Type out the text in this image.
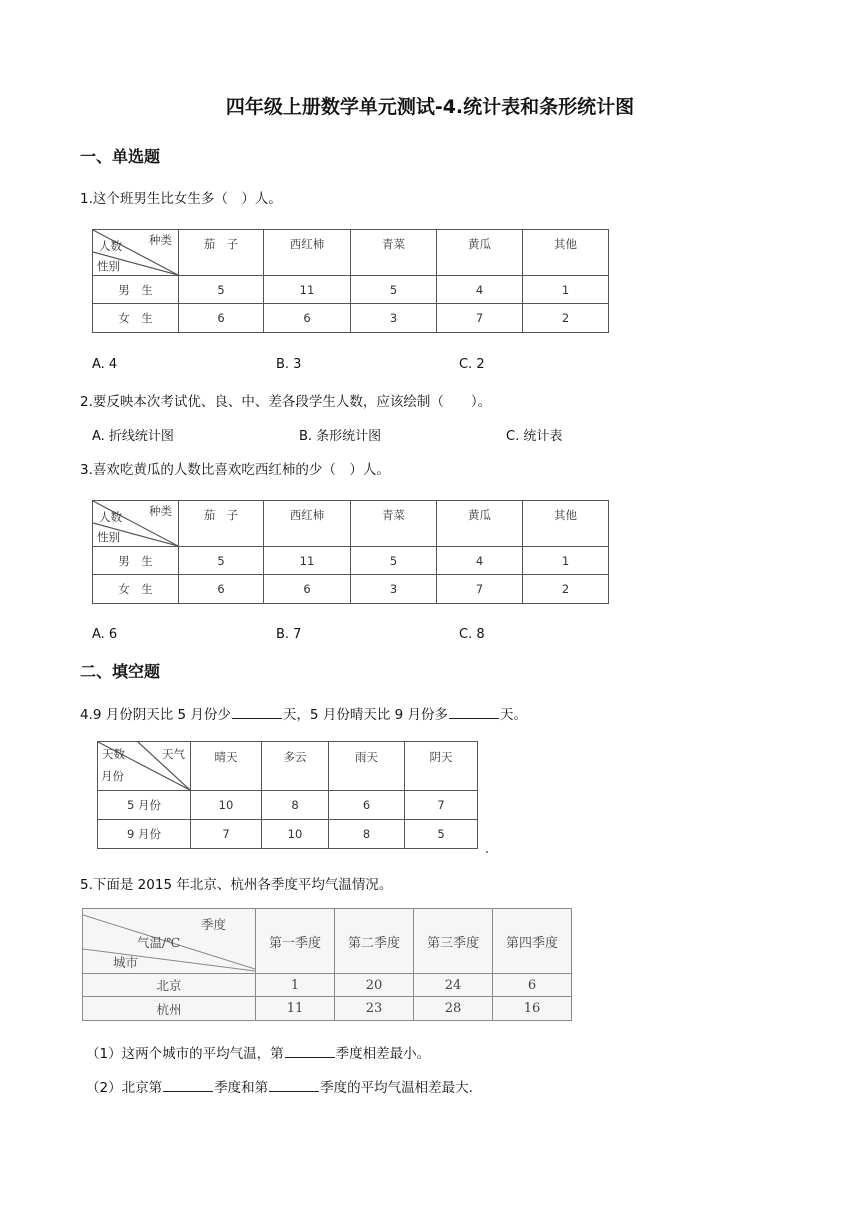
四年级上册数学单元测试-4.统计表和条形统计图
一、单选题
1.这个班男生比女生多（　）人。
种类
人数
性别	茄　子	西红柿	青菜	黄瓜	其他
男　生	5	11	5	4	1
女　生	6	6	3	7	2
A. 4	B. 3	C. 2
2.要反映本次考试优、良、中、差各段学生人数，应该绘制（　　）。
A. 折线统计图	B. 条形统计图	C. 统计表
3.喜欢吃黄瓜的人数比喜欢吃西红柿的少（　）人。
种类
人数
性别	茄　子	西红柿	青菜	黄瓜	其他
男　生	5	11	5	4	1
女　生	6	6	3	7	2
A. 6	B. 7	C. 8
二、填空题
4.9 月份阴天比 5 月份少	天，5 月份晴天比 9 月份多	天。
天气
天数
月份	晴天	多云	雨天	阴天
5 月份	10	8	6	7
9 月份	7	10	8	5
5.下面是 2015 年北京、杭州各季度平均气温情况。
季度
气温/℃
城市	第一季度	第二季度	第三季度	第四季度
北京	1	20	24	6
杭州	11	23	28	16
（1）这两个城市的平均气温，第	季度相差最小。
（2）北京第	季度和第	季度的平均气温相差最大.
